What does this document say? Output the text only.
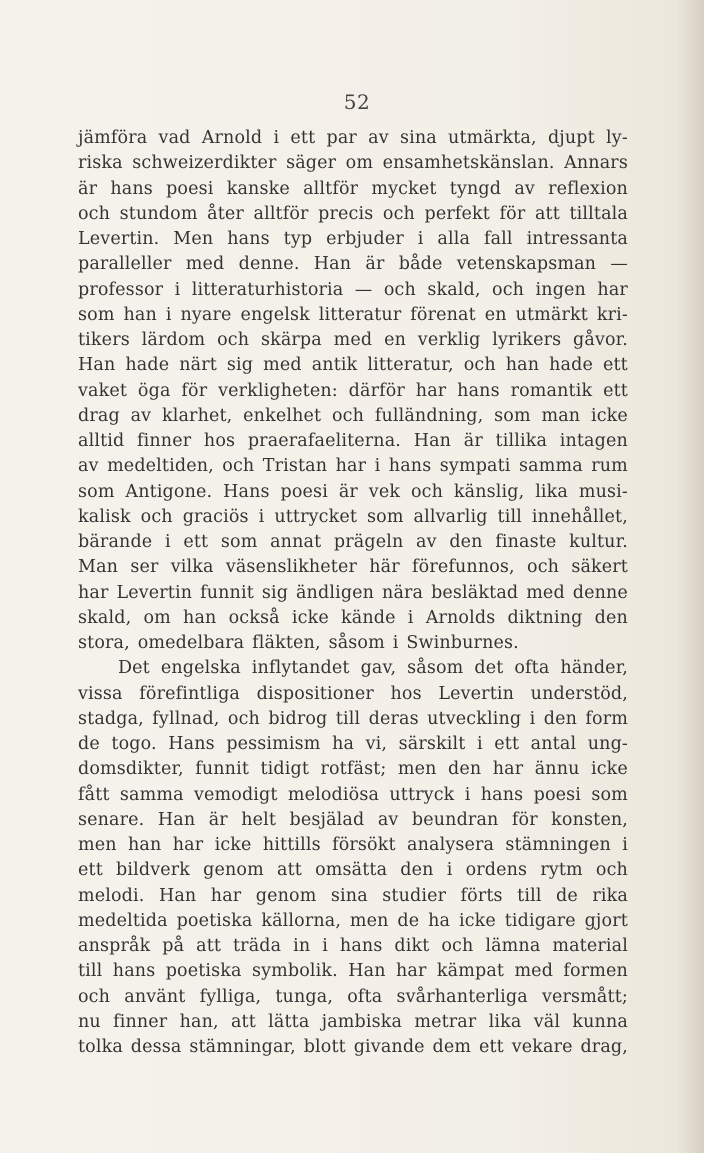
52
jämföra vad Arnold i ett par av sina utmärkta, djupt ly-
riska schweizerdikter säger om ensamhetskänslan. Annars
är hans poesi kanske alltför mycket tyngd av reflexion
och stundom åter alltför precis och perfekt för att tilltala
Levertin. Men hans typ erbjuder i alla fall intressanta
paralleller med denne. Han är både vetenskapsman —
professor i litteraturhistoria — och skald, och ingen har
som han i nyare engelsk litteratur förenat en utmärkt kri-
tikers lärdom och skärpa med en verklig lyrikers gåvor.
Han hade närt sig med antik litteratur, och han hade ett
vaket öga för verkligheten: därför har hans romantik ett
drag av klarhet, enkelhet och fulländning, som man icke
alltid finner hos praerafaeliterna. Han är tillika intagen
av medeltiden, och Tristan har i hans sympati samma rum
som Antigone. Hans poesi är vek och känslig, lika musi-
kalisk och graciös i uttrycket som allvarlig till innehållet,
bärande i ett som annat prägeln av den finaste kultur.
Man ser vilka väsenslikheter här förefunnos, och säkert
har Levertin funnit sig ändligen nära besläktad med denne
skald, om han också icke kände i Arnolds diktning den
stora, omedelbara fläkten, såsom i Swinburnes.
Det engelska inflytandet gav, såsom det ofta händer,
vissa förefintliga dispositioner hos Levertin understöd,
stadga, fyllnad, och bidrog till deras utveckling i den form
de togo. Hans pessimism ha vi, särskilt i ett antal ung-
domsdikter, funnit tidigt rotfäst; men den har ännu icke
fått samma vemodigt melodiösa uttryck i hans poesi som
senare. Han är helt besjälad av beundran för konsten,
men han har icke hittills försökt analysera stämningen i
ett bildverk genom att omsätta den i ordens rytm och
melodi. Han har genom sina studier förts till de rika
medeltida poetiska källorna, men de ha icke tidigare gjort
anspråk på att träda in i hans dikt och lämna material
till hans poetiska symbolik. Han har kämpat med formen
och använt fylliga, tunga, ofta svårhanterliga versmått;
nu finner han, att lätta jambiska metrar lika väl kunna
tolka dessa stämningar, blott givande dem ett vekare drag,
